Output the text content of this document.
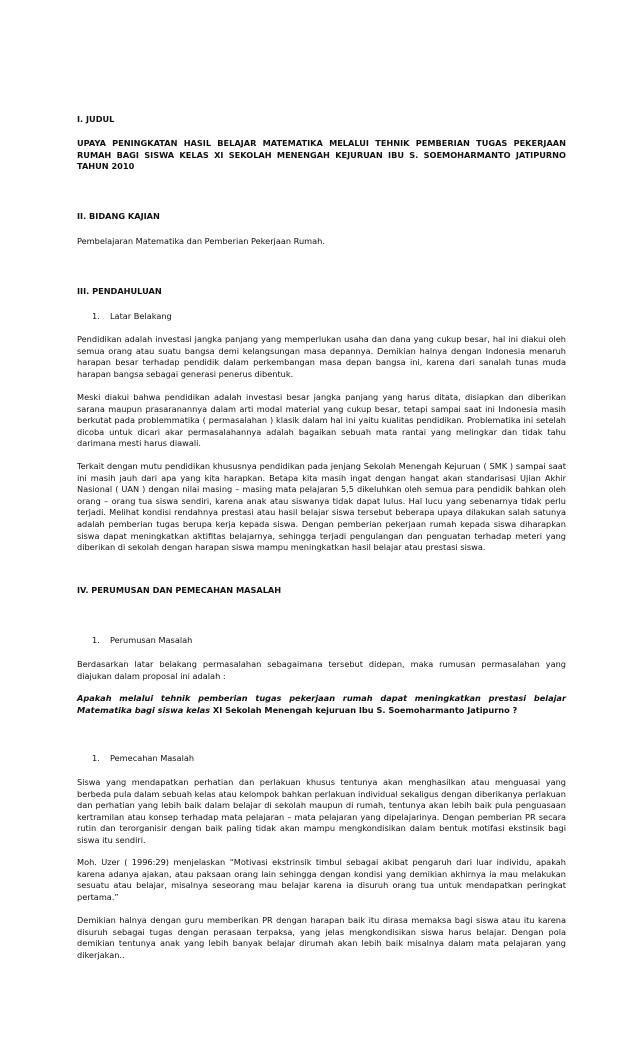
I. JUDUL
UPAYA PENINGKATAN HASIL BELAJAR MATEMATIKA MELALUI TEHNIK PEMBERIAN TUGAS PEKERJAAN RUMAH BAGI SISWA KELAS XI SEKOLAH MENENGAH KEJURUAN IBU S. SOEMOHARMANTO JATIPURNO TAHUN 2010
II. BIDANG KAJIAN
Pembelajaran Matematika dan Pemberian Pekerjaan Rumah.
III. PENDAHULUAN
1. Latar Belakang
Pendidikan adalah investasi jangka panjang yang memperlukan usaha dan dana yang cukup besar, hal ini diakui oleh semua orang atau suatu bangsa demi kelangsungan masa depannya. Demikian halnya dengan Indonesia menaruh harapan besar terhadap pendidik dalam perkembangan masa depan bangsa ini, karena dari sanalah tunas muda harapan bangsa sebagai generasi penerus dibentuk.
Meski diakui bahwa pendidikan adalah investasi besar jangka panjang yang harus ditata, disiapkan dan diberikan sarana maupun prasaranannya dalam arti modal material yang cukup besar, tetapi sampai saat ini Indonesia masih berkutat pada problemmatika ( permasalahan ) klasik dalam hal ini yaitu kualitas pendidikan. Problematika ini setelah dicoba untuk dicari akar permasalahannya adalah bagaikan sebuah mata rantai yang melingkar dan tidak tahu darimana mesti harus diawali.
Terkait dengan mutu pendidikan khususnya pendidikan pada jenjang Sekolah Menengah Kejuruan ( SMK ) sampai saat ini masih jauh dari apa yang kita harapkan. Betapa kita masih ingat dengan hangat akan standarisasi Ujian Akhir Nasional ( UAN ) dengan nilai masing – masing mata pelajaran 5,5 dikeluhkan oleh semua para pendidik bahkan oleh orang – orang tua siswa sendiri, karena anak atau siswanya tidak dapat lulus. Hal lucu yang sebenarnya tidak perlu terjadi. Melihat kondisi rendahnya prestasi atau hasil belajar siswa tersebut beberapa upaya dilakukan salah satunya adalah pemberian tugas berupa kerja kepada siswa. Dengan pemberian pekerjaan rumah kepada siswa diharapkan siswa dapat meningkatkan aktifitas belajarnya, sehingga terjadi pengulangan dan penguatan terhadap meteri yang diberikan di sekolah dengan harapan siswa mampu meningkatkan hasil belajar atau prestasi siswa.
IV. PERUMUSAN DAN PEMECAHAN MASALAH
1. Perumusan Masalah
Berdasarkan latar belakang permasalahan sebagaimana tersebut didepan, maka rumusan permasalahan yang diajukan dalam proposal ini adalah :
Apakah melalui tehnik pemberian tugas pekerjaan rumah dapat meningkatkan prestasi belajar Matematika bagi siswa kelas XI Sekolah Menengah kejuruan Ibu S. Soemoharmanto Jatipurno ?
1. Pemecahan Masalah
Siswa yang mendapatkan perhatian dan perlakuan khusus tentunya akan menghasilkan atau menguasai yang berbeda pula dalam sebuah kelas atau kelompok bahkan perlakuan individual sekaligus dengan diberikanya perlakuan dan perhatian yang lebih baik dalam belajar di sekolah maupun di rumah, tentunya akan lebih baik pula penguasaan kertramilan atau konsep terhadap mata pelajaran – mata pelajaran yang dipelajarinya. Dengan pemberian PR secara rutin dan terorganisir dengan baik paling tidak akan mampu mengkondisikan dalam bentuk motifasi ekstinsik bagi siswa itu sendiri.
Moh. Uzer ( 1996:29) menjelaskan “Motivasi ekstrinsik timbul sebagai akibat pengaruh dari luar individu, apakah karena adanya ajakan, atau paksaan orang lain sehingga dengan kondisi yang demikian akhirnya ia mau melakukan sesuatu atau belajar, misalnya seseorang mau belajar karena ia disuruh orang tua untuk mendapatkan peringkat pertama.”
Demikian halnya dengan guru memberikan PR dengan harapan baik itu dirasa memaksa bagi siswa atau itu karena disuruh sebagai tugas dengan perasaan terpaksa, yang jelas mengkondisikan siswa harus belajar. Dengan pola demikian tentunya anak yang lebih banyak belajar dirumah akan lebih baik misalnya dalam mata pelajaran yang dikerjakan..
